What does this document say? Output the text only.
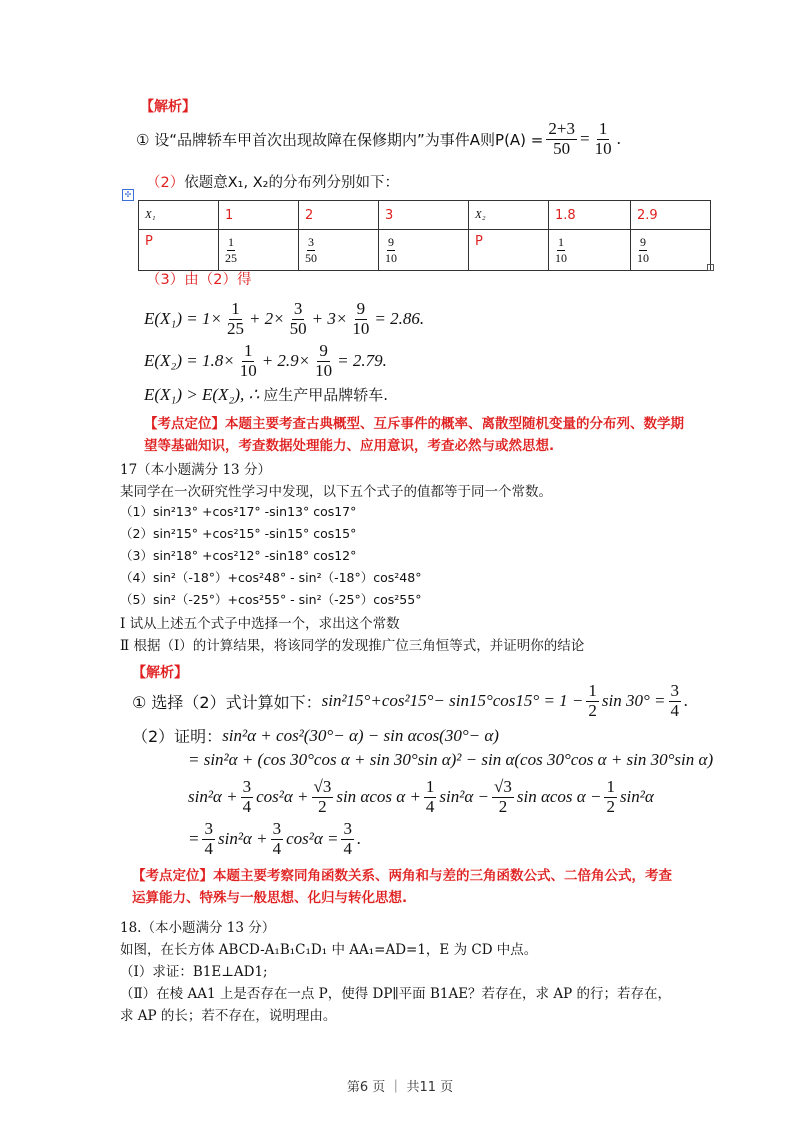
【解析】
① 设“品牌轿车甲首次出现故障在保修期内”为事件A则$P(A) = \frac{2+3}{50} = \frac{1}{10}$ .
（2） 依题意X₁, X₂的分布列分别如下：
✣
X₁	1	2	3	X₂	1.8	2.9
P	$\frac{1}{25}$	$\frac{3}{50}$	$\frac{9}{10}$	P	$\frac{1}{10}$	$\frac{9}{10}$
（3）由（2）得
$E(X_1) = 1\times \frac{1}{25} + 2\times \frac{3}{50} + 3\times \frac{9}{10} = 2.86$.
$E(X_2) = 1.8\times \frac{1}{10} + 2.9\times \frac{9}{10} = 2.79$.
E(X₁) > E(X₂), ∴ 应生产甲品牌轿车.
【考点定位】本题主要考查古典概型、互斥事件的概率、离散型随机变量的分布列、数学期
望等基础知识，考查数据处理能力、应用意识，考查必然与或然思想.
17（本小题满分 13 分）
某同学在一次研究性学习中发现，以下五个式子的值都等于同一个常数。
（1）sin²13° +cos²17° -sin13° cos17°
（2）sin²15° +cos²15° -sin15° cos15°
（3）sin²18° +cos²12° -sin18° cos12°
（4）sin²（-18°）+cos²48° - sin²（-18°）cos²48°
（5）sin²（-25°）+cos²55° - sin²（-25°）cos²55°
Ⅰ 试从上述五个式子中选择一个，求出这个常数
Ⅱ 根据（Ⅰ）的计算结果，将该同学的发现推广位三角恒等式，并证明你的结论
【解析】
① 选择（2）式计算如下： $\sin^215^\circ+\cos^215^\circ- \sin 15^\circ\cos 15^\circ = 1 - \frac{1}{2}$ $\sin 30^\circ = \frac{3}{4}$ .
（2）证明： sin²α + cos²(30°− α) − sin αcos(30°− α)
= sin²α + (cos 30°cos α + sin 30°sin α)² − sin α(cos 30°cos α + sin 30°sin α)
$\sin^2\alpha + \frac{3}{4} \cos^2\alpha + \frac{√3}{2}$ sin αcos $\alpha + \frac{1}{4} \sin^2\alpha - \frac{√3}{2}$ sin αcos $\alpha - \frac{1}{2} \sin^2\alpha$
= $\frac{3}{4} \sin^2\alpha + \frac{3}{4} \cos^2\alpha = \frac{3}{4}$ .
【考点定位】本题主要考察同角函数关系、两角和与差的三角函数公式、二倍角公式，考查
运算能力、特殊与一般思想、化归与转化思想.
18.（本小题满分 13 分）
如图，在长方体 ABCD-A₁B₁C₁D₁ 中 AA₁=AD=1，E 为 CD 中点。
（Ⅰ）求证：B1E⊥AD1;
（Ⅱ）在棱 AA1 上是否存在一点 P，使得 DP∥平面 B1AE？若存在，求 AP 的行；若存在，
求 AP 的长；若不存在，说明理由。
第6 页 ｜ 共11 页
